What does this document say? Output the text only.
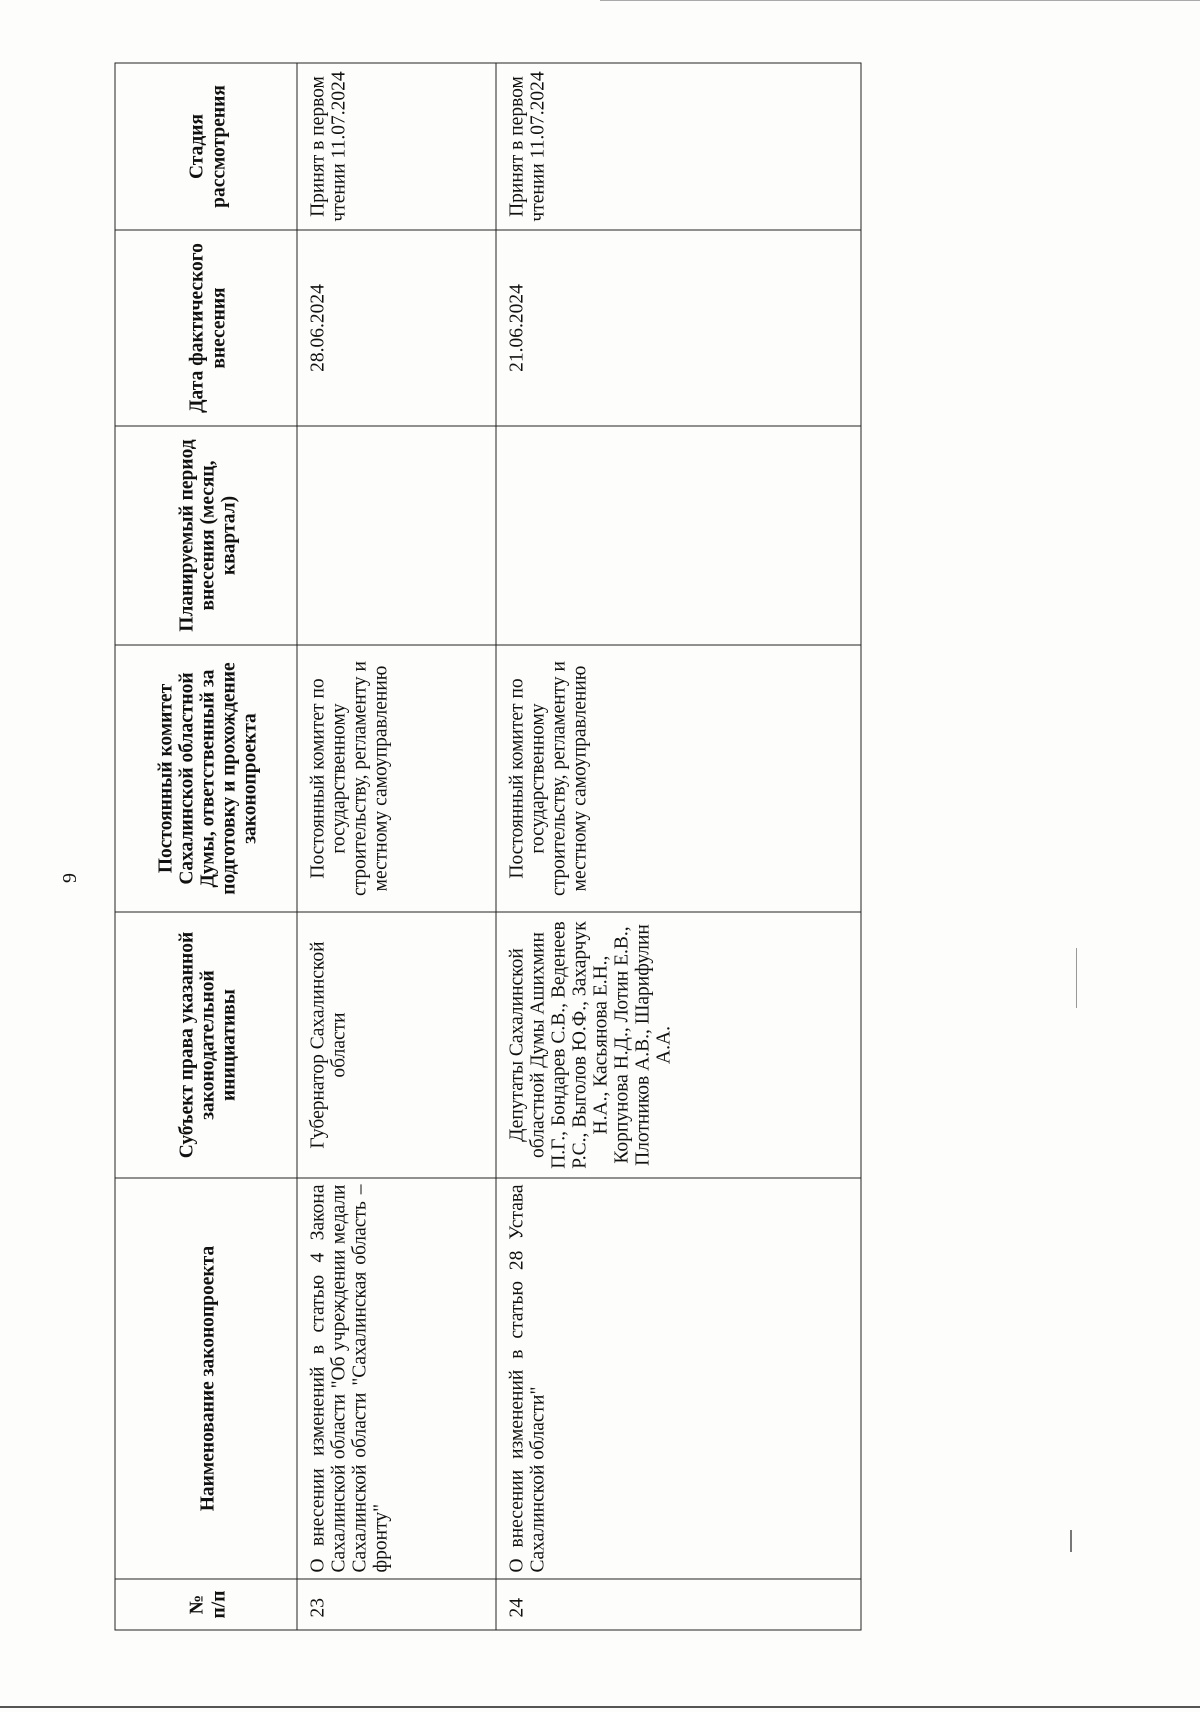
9
№ п/п	Наименование законопроекта	Субъект права указанной законодательной инициативы	Постоянный комитет Сахалинской областной Думы, ответственный за подготовку и прохождение законопроекта	Планируемый период внесения (месяц, квартал)	Дата фактического внесения	Стадия рассмотрения
23	О внесении изменений в статью 4 Закона Сахалинской области "Об учреждении медали Сахалинской области "Сахалинская область – фронту"	Губернатор Сахалинской области	Постоянный комитет по государственному строительству, регламенту и местному самоуправлению		28.06.2024	Принят в первом чтении 11.07.2024
24	О внесении изменений в статью 28 Устава Сахалинской области"	Депутаты Сахалинской областной Думы Ашихмин П.Г., Бондарев С.В., Веденеев Р.С., Выголов Ю.Ф., Захарчук Н.А., Касьянова Е.Н., Корпунова Н.Д., Лотин Е.В., Плотников А.В., Шарифулин А.А.	Постоянный комитет по государственному строительству, регламенту и местному самоуправлению		21.06.2024	Принят в первом чтении 11.07.2024
